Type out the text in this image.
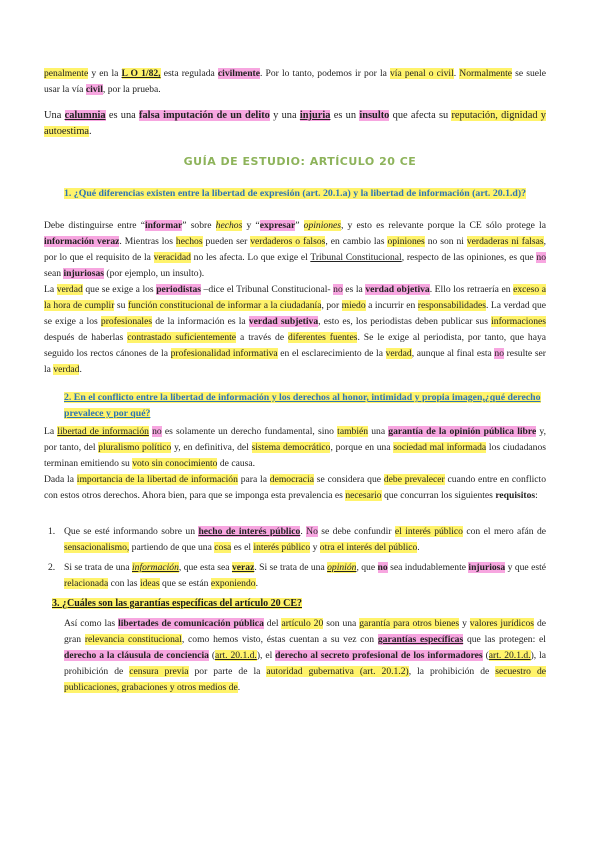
penalmente y en la L O 1/82, esta regulada civilmente. Por lo tanto, podemos ir por la vía penal o civil. Normalmente se suele usar la vía civil, por la prueba.
Una calumnia es una falsa imputación de un delito y una injuria es un insulto que afecta su reputación, dignidad y autoestima.
GUÍA DE ESTUDIO: ARTÍCULO 20 CE
1. ¿Qué diferencias existen entre la libertad de expresión (art. 20.1.a) y la libertad de información (art. 20.1.d)?
Debe distinguirse entre “informar” sobre hechos y “expresar” opiniones, y esto es relevante porque la CE sólo protege la información veraz. Mientras los hechos pueden ser verdaderos o falsos, en cambio las opiniones no son ni verdaderas ni falsas, por lo que el requisito de la veracidad no les afecta. Lo que exige el Tribunal Constitucional, respecto de las opiniones, es que no sean injuriosas (por ejemplo, un insulto).
La verdad que se exige a los periodistas –dice el Tribunal Constitucional- no es la verdad objetiva. Ello los retraería en exceso a la hora de cumplir su función constitucional de informar a la ciudadanía, por miedo a incurrir en responsabilidades. La verdad que se exige a los profesionales de la información es la verdad subjetiva, esto es, los periodistas deben publicar sus informaciones después de haberlas contrastado suficientemente a través de diferentes fuentes. Se le exige al periodista, por tanto, que haya seguido los rectos cánones de la profesionalidad informativa en el esclarecimiento de la verdad, aunque al final esta no resulte ser la verdad.
2. En el conflicto entre la libertad de información y los derechos al honor, intimidad y propia imagen,¿qué derecho prevalece y por qué?
La libertad de información no es solamente un derecho fundamental, sino también una garantía de la opinión pública libre y, por tanto, del pluralismo político y, en definitiva, del sistema democrático, porque en una sociedad mal informada los ciudadanos terminan emitiendo su voto sin conocimiento de causa.
Dada la importancia de la libertad de información para la democracia se considera que debe prevalecer cuando entre en conflicto con estos otros derechos. Ahora bien, para que se imponga esta prevalencia es necesario que concurran los siguientes requisitos:
1. Que se esté informando sobre un hecho de interés público. No se debe confundir el interés público con el mero afán de sensacionalismo, partiendo de que una cosa es el interés público y otra el interés del público.
2. Si se trata de una información, que esta sea veraz. Si se trata de una opinión, que no sea indudablemente injuriosa y que esté relacionada con las ideas que se están exponiendo.
3. ¿Cuáles son las garantías específicas del artículo 20 CE?
Así como las libertades de comunicación pública del artículo 20 son una garantía para otros bienes y valores jurídicos de gran relevancia constitucional, como hemos visto, éstas cuentan a su vez con garantías específicas que las protegen: el derecho a la cláusula de conciencia (art. 20.1.d.), el derecho al secreto profesional de los informadores (art. 20.1.d.), la prohibición de censura previa por parte de la autoridad gubernativa (art. 20.1.2), la prohibición de secuestro de publicaciones, grabaciones y otros medios de.
